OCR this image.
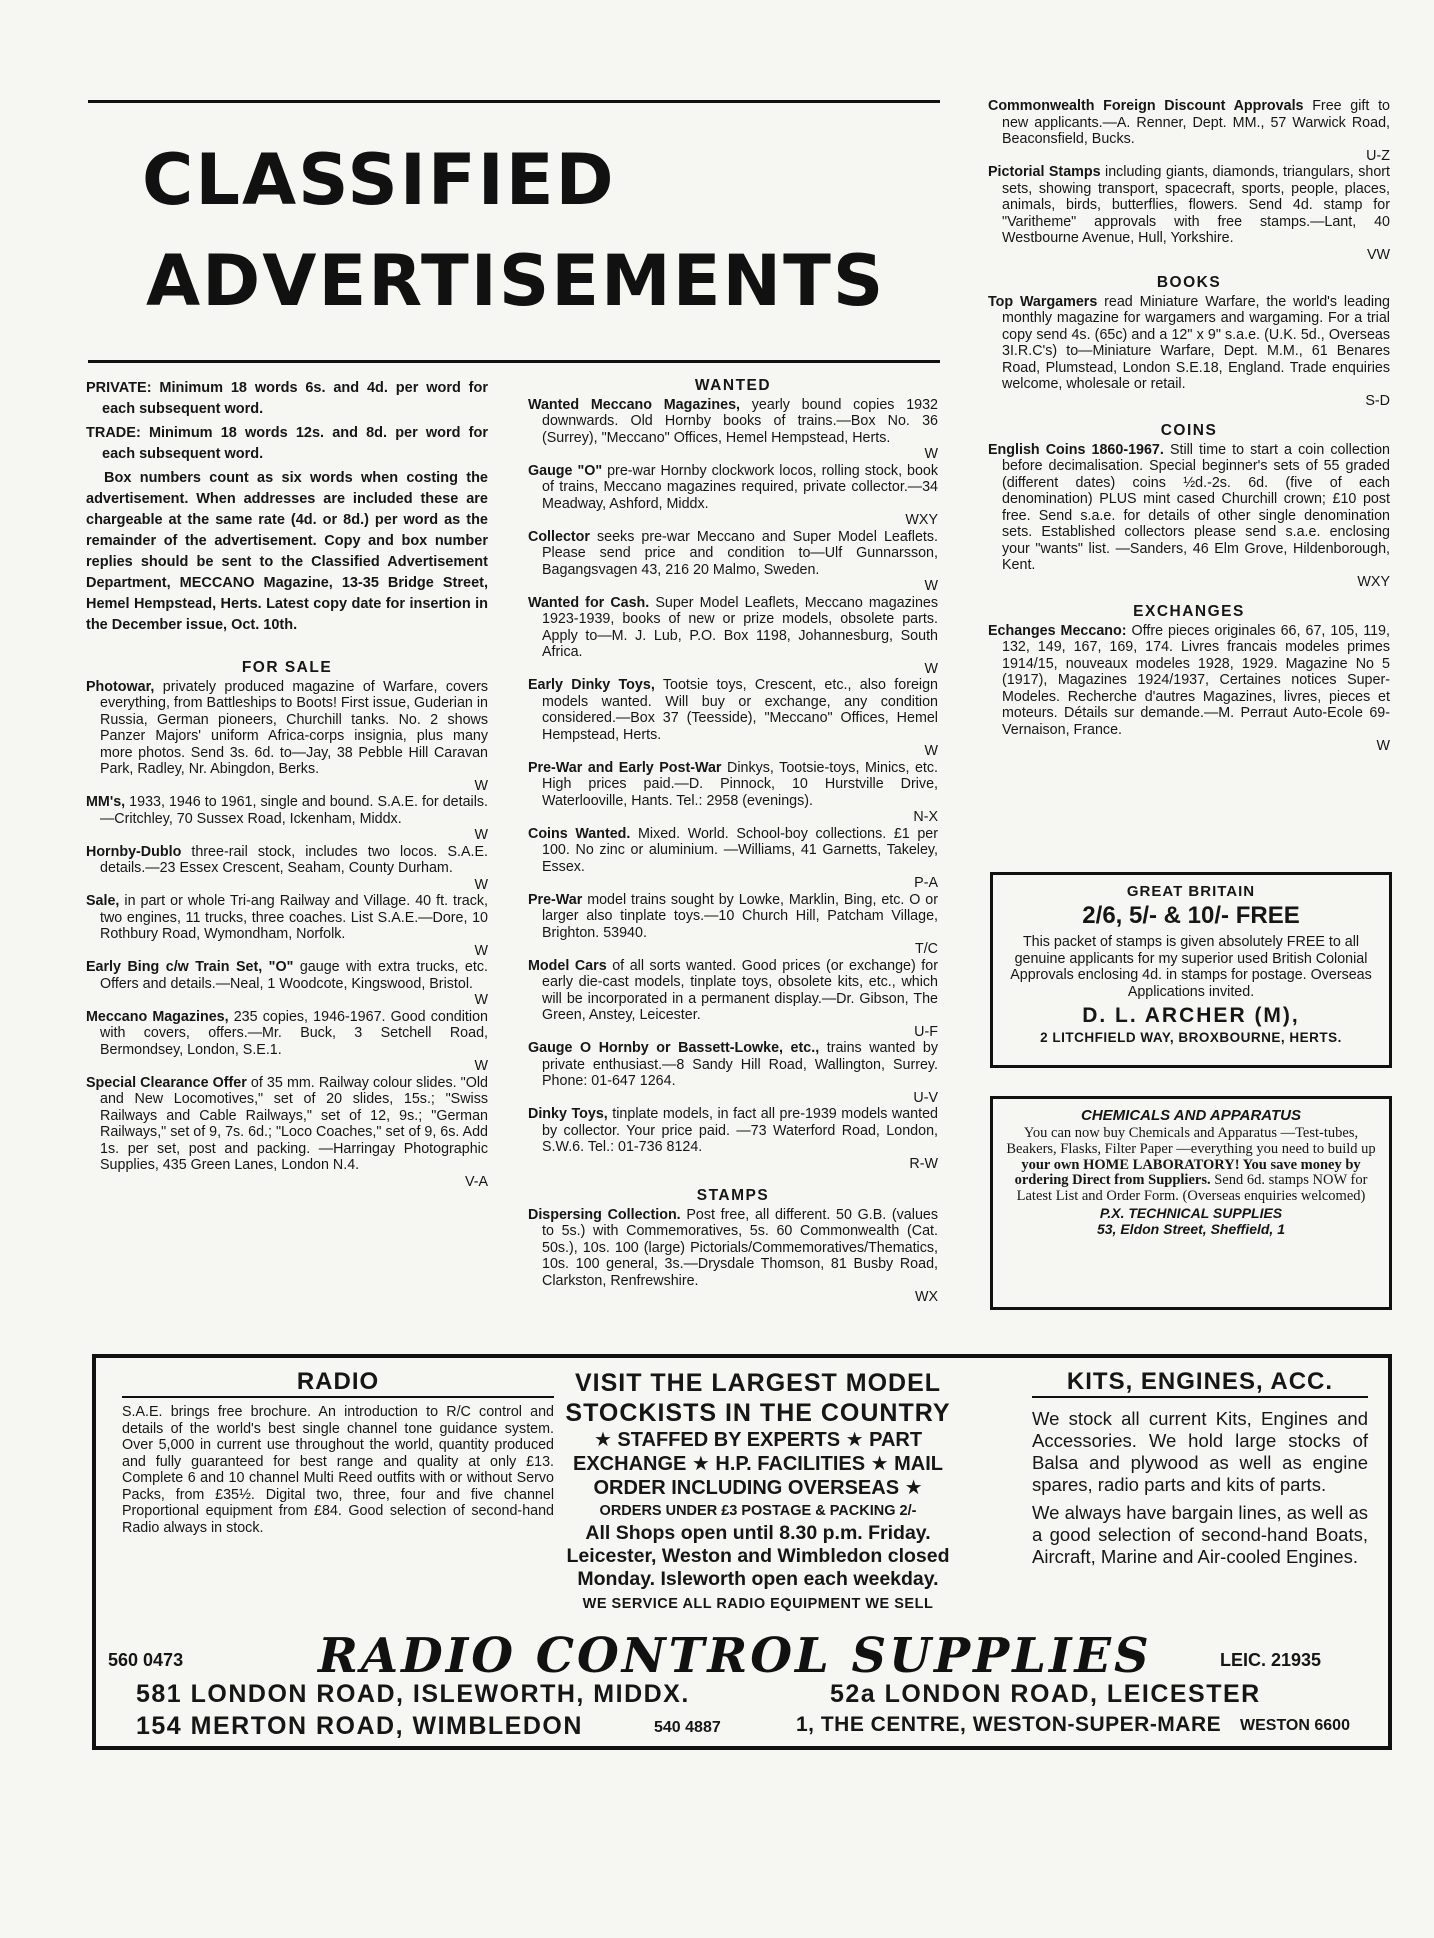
CLASSIFIED
ADVERTISEMENTS

PRIVATE: Minimum 18 words 6s. and 4d. per word for each subsequent word.

TRADE: Minimum 18 words 12s. and 8d. per word for each subsequent word.

Box numbers count as six words when costing the advertisement. When addresses are included these are chargeable at the same rate (4d. or 8d.) per word as the remainder of the advertisement. Copy and box number replies should be sent to the Classified Advertisement Department, MECCANO Magazine, 13-35 Bridge Street, Hemel Hempstead, Herts. Latest copy date for insertion in the December issue, Oct. 10th.

FOR SALE
Photowar, privately produced magazine of Warfare, covers everything, from Battleships to Boots! First issue, Guderian in Russia, German pioneers, Churchill tanks. No. 2 shows Panzer Majors' uniform Africa-corps insignia, plus many more photos. Send 3s. 6d. to—Jay, 38 Pebble Hill Caravan Park, Radley, Nr. Abingdon, Berks.
W
MM's, 1933, 1946 to 1961, single and bound. S.A.E. for details.—Critchley, 70 Sussex Road, Ickenham, Middx.
W
Hornby-Dublo three-rail stock, includes two locos. S.A.E. details.—23 Essex Crescent, Seaham, County Durham.
W
Sale, in part or whole Tri-ang Railway and Village. 40 ft. track, two engines, 11 trucks, three coaches. List S.A.E.—Dore, 10 Rothbury Road, Wymondham, Norfolk.
W
Early Bing c/w Train Set, "O" gauge with extra trucks, etc. Offers and details.—Neal, 1 Woodcote, Kingswood, Bristol.
W
Meccano Magazines, 235 copies, 1946-1967. Good condition with covers, offers.—Mr. Buck, 3 Setchell Road, Bermondsey, London, S.E.1.
W
Special Clearance Offer of 35 mm. Railway colour slides. "Old and New Locomotives," set of 20 slides, 15s.; "Swiss Railways and Cable Railways," set of 12, 9s.; "German Railways," set of 9, 7s. 6d.; "Loco Coaches," set of 9, 6s. Add 1s. per set, post and packing. —Harringay Photographic Supplies, 435 Green Lanes, London N.4.
V-A
WANTED
Wanted Meccano Magazines, yearly bound copies 1932 downwards. Old Hornby books of trains.—Box No. 36 (Surrey), "Meccano" Offices, Hemel Hempstead, Herts.
W
Gauge "O" pre-war Hornby clockwork locos, rolling stock, book of trains, Meccano magazines required, private collector.—34 Meadway, Ashford, Middx.
WXY
Collector seeks pre-war Meccano and Super Model Leaflets. Please send price and condition to—Ulf Gunnarsson, Bagangsvagen 43, 216 20 Malmo, Sweden.
W
Wanted for Cash. Super Model Leaflets, Meccano magazines 1923-1939, books of new or prize models, obsolete parts. Apply to—M. J. Lub, P.O. Box 1198, Johannesburg, South Africa.
W
Early Dinky Toys, Tootsie toys, Crescent, etc., also foreign models wanted. Will buy or exchange, any condition considered.—Box 37 (Teesside), "Meccano" Offices, Hemel Hempstead, Herts.
W
Pre-War and Early Post-War Dinkys, Tootsie-toys, Minics, etc. High prices paid.—D. Pinnock, 10 Hurstville Drive, Waterlooville, Hants. Tel.: 2958 (evenings).
N-X
Coins Wanted. Mixed. World. School-boy collections. £1 per 100. No zinc or aluminium. —Williams, 41 Garnetts, Takeley, Essex.
P-A
Pre-War model trains sought by Lowke, Marklin, Bing, etc. O or larger also tinplate toys.—10 Church Hill, Patcham Village, Brighton. 53940.
T/C
Model Cars of all sorts wanted. Good prices (or exchange) for early die-cast models, tinplate toys, obsolete kits, etc., which will be incorporated in a permanent display.—Dr. Gibson, The Green, Anstey, Leicester.
U-F
Gauge O Hornby or Bassett-Lowke, etc., trains wanted by private enthusiast.—8 Sandy Hill Road, Wallington, Surrey. Phone: 01-647 1264.
U-V
Dinky Toys, tinplate models, in fact all pre-1939 models wanted by collector. Your price paid. —73 Waterford Road, London, S.W.6. Tel.: 01-736 8124.
R-W
STAMPS
Dispersing Collection. Post free, all different. 50 G.B. (values to 5s.) with Commemoratives, 5s. 60 Commonwealth (Cat. 50s.), 10s. 100 (large) Pictorials/Commemoratives/Thematics, 10s. 100 general, 3s.—Drysdale Thomson, 81 Busby Road, Clarkston, Renfrewshire.
WX
Commonwealth Foreign Discount Approvals Free gift to new applicants.—A. Renner, Dept. MM., 57 Warwick Road, Beaconsfield, Bucks.
U-Z
Pictorial Stamps including giants, diamonds, triangulars, short sets, showing transport, spacecraft, sports, people, places, animals, birds, butterflies, flowers. Send 4d. stamp for "Varitheme" approvals with free stamps.—Lant, 40 Westbourne Avenue, Hull, Yorkshire.
VW
BOOKS
Top Wargamers read Miniature Warfare, the world's leading monthly magazine for wargamers and wargaming. For a trial copy send 4s. (65c) and a 12" x 9" s.a.e. (U.K. 5d., Overseas 3I.R.C's) to—Miniature Warfare, Dept. M.M., 61 Benares Road, Plumstead, London S.E.18, England. Trade enquiries welcome, wholesale or retail.
S-D
COINS
English Coins 1860-1967. Still time to start a coin collection before decimalisation. Special beginner's sets of 55 graded (different dates) coins ½d.-2s. 6d. (five of each denomination) PLUS mint cased Churchill crown; £10 post free. Send s.a.e. for details of other single denomination sets. Established collectors please send s.a.e. enclosing your "wants" list. —Sanders, 46 Elm Grove, Hildenborough, Kent.
WXY
EXCHANGES
Echanges Meccano: Offre pieces originales 66, 67, 105, 119, 132, 149, 167, 169, 174. Livres francais modeles primes 1914/15, nouveaux modeles 1928, 1929. Magazine No 5 (1917), Magazines 1924/1937, Certaines notices Super-Modeles. Recherche d'autres Magazines, livres, pieces et moteurs. Détails sur demande.—M. Perraut Auto-Ecole 69-Vernaison, France.
W
GREAT BRITAIN
2/6, 5/- & 10/- FREE
This packet of stamps is given absolutely FREE to all genuine applicants for my superior used British Colonial Approvals enclosing 4d. in stamps for postage. Overseas Applications invited.
D. L. ARCHER (M),
2 LITCHFIELD WAY, BROXBOURNE, HERTS.
CHEMICALS AND APPARATUS
You can now buy Chemicals and Apparatus —Test-tubes, Beakers, Flasks, Filter Paper —everything you need to build up your own HOME LABORATORY! You save money by ordering Direct from Suppliers. Send 6d. stamps NOW for Latest List and Order Form. (Overseas enquiries welcomed)
P.X. TECHNICAL SUPPLIES
53, Eldon Street, Sheffield, 1
RADIO
S.A.E. brings free brochure. An introduction to R/C control and details of the world's best single channel tone guidance system. Over 5,000 in current use throughout the world, quantity produced and fully guaranteed for best range and quality at only £13. Complete 6 and 10 channel Multi Reed outfits with or without Servo Packs, from £35½. Digital two, three, four and five channel Proportional equipment from £84. Good selection of second-hand Radio always in stock.
VISIT THE LARGEST MODEL
STOCKISTS IN THE COUNTRY
★ STAFFED BY EXPERTS ★ PART
EXCHANGE ★ H.P. FACILITIES ★ MAIL
ORDER INCLUDING OVERSEAS ★
ORDERS UNDER £3 POSTAGE & PACKING 2/-
All Shops open until 8.30 p.m. Friday.
Leicester, Weston and Wimbledon closed
Monday. Isleworth open each weekday.
WE SERVICE ALL RADIO EQUIPMENT WE SELL
KITS, ENGINES, ACC.
We stock all current Kits, Engines and Accessories. We hold large stocks of Balsa and plywood as well as engine spares, radio parts and kits of parts.
We always have bargain lines, as well as a good selection of second-hand Boats, Aircraft, Marine and Air-cooled Engines.
560 0473	RADIO CONTROL SUPPLIES	LEIC. 21935
581 LONDON ROAD, ISLEWORTH, MIDDX.	52a LONDON ROAD, LEICESTER
154 MERTON ROAD, WIMBLEDON	540 4887	1, THE CENTRE, WESTON-SUPER-MARE WESTON 6600
